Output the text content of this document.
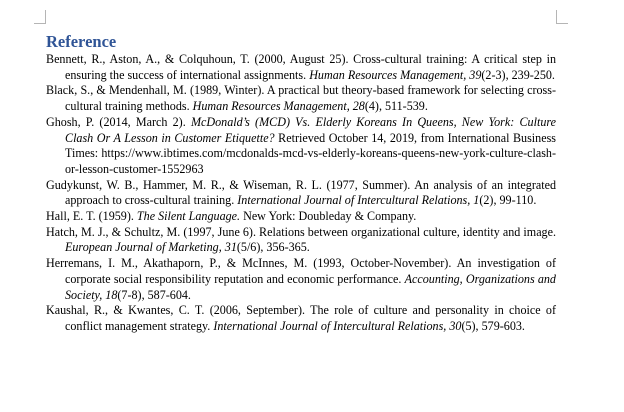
Reference

Bennett, R., Aston, A., & Colquhoun, T. (2000, August 25). Cross-cultural training: A critical step in ensuring the success of international assignments. Human Resources Management, 39(2-3), 239-250.

Black, S., & Mendenhall, M. (1989, Winter). A practical but theory-based framework for selecting cross-cultural training methods. Human Resources Management, 28(4), 511-539.

Ghosh, P. (2014, March 2). McDonald’s (MCD) Vs. Elderly Koreans In Queens, New York: Culture Clash Or A Lesson in Customer Etiquette? Retrieved October 14, 2019, from International Business Times: https://www.ibtimes.com/mcdonalds-mcd-vs-elderly-koreans-queens-new-york-culture-clash-or-lesson-customer-1552963

Gudykunst, W. B., Hammer, M. R., & Wiseman, R. L. (1977, Summer). An analysis of an integrated approach to cross-cultural training. International Journal of Intercultural Relations, 1(2), 99-110.

Hall, E. T. (1959). The Silent Language. New York: Doubleday & Company.

Hatch, M. J., & Schultz, M. (1997, June 6). Relations between organizational culture, identity and image. European Journal of Marketing, 31(5/6), 356-365.

Herremans, I. M., Akathaporn, P., & McInnes, M. (1993, October-November). An investigation of corporate social responsibility reputation and economic performance. Accounting, Organizations and Society, 18(7-8), 587-604.

Kaushal, R., & Kwantes, C. T. (2006, September). The role of culture and personality in choice of conflict management strategy. International Journal of Intercultural Relations, 30(5), 579-603.
